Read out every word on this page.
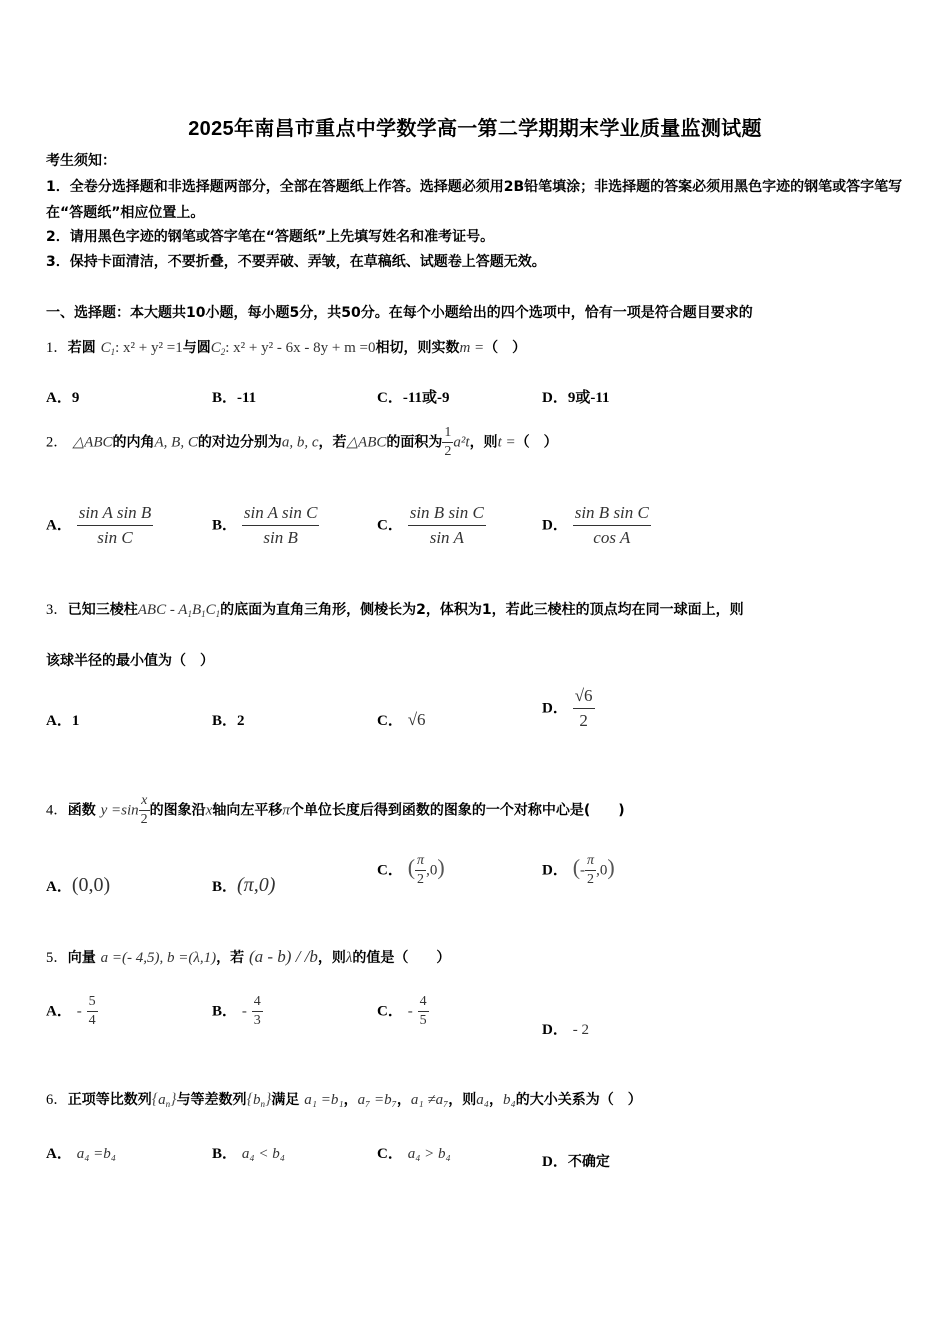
2025年南昌市重点中学数学高一第二学期期末学业质量监测试题
考生须知：
1．全卷分选择题和非选择题两部分，全部在答题纸上作答。选择题必须用2B铅笔填涂；非选择题的答案必须用黑色字迹的钢笔或答字笔写在“答题纸”相应位置上。
2．请用黑色字迹的钢笔或答字笔在“答题纸”上先填写姓名和准考证号。
3．保持卡面清洁，不要折叠，不要弄破、弄皱，在草稿纸、试题卷上答题无效。
一、选择题：本大题共10小题，每小题5分，共50分。在每个小题给出的四个选项中，恰有一项是符合题目要求的
1．若圆 $C_1$: x² + y² =1与圆$C_2$: x² + y² - 6x - 8y + m =0相切，则实数m =（　）
A．9	B．-11	C．-11或-9	D．9或-11
2． △ABC的内角A, B, C的对边分别为a, b, c，若△ABC的面积为 $\frac{1}{2} a^2t$，则t =（　）
A． $\frac{\text{sin A sin B}}{\text{sin C}}$	B． $\frac{\text{sin A sin C}}{\text{sin B}}$	C． $\frac{\text{sin B sin C}}{\text{sin A}}$	D． $\frac{\text{sin B sin C}}{\text{cos A}}$
3．已知三棱柱ABC - $A_1B_1C_1$的底面为直角三角形，侧棱长为2，体积为1，若此三棱柱的顶点均在同一球面上，则
该球半径的最小值为（　）
A．1	B．2	C． √6
D． $\frac{√6}{2}$
4．函数 $y =\sin \frac{x}{2}$ 的图象沿x轴向左平移π个单位长度后得到函数的图象的一个对称中心是(　　)
A．(0,0)	B．(π,0)
C． ( $\frac{\pi}{2} ,0$)	D． (- $\frac{\pi}{2} ,0$)
5．向量 a =(- 4,5), b =(λ,1)，若 (a - b) / /b，则λ的值是（　　）
A． - $\frac{5}{4}$	B． - $\frac{4}{3}$	C． - $\frac{4}{5}$	D． - 2
6．正项等比数列$\{a_n\}$与等差数列$\{b_n\}$满足 a₁ =b₁，a₇ =b₇，a₁ ≠a₇，则a₄，b₄的大小关系为（　）
A． a₄ =b₄	B． a₄ < b₄	C． a₄ > b₄	D．不确定
